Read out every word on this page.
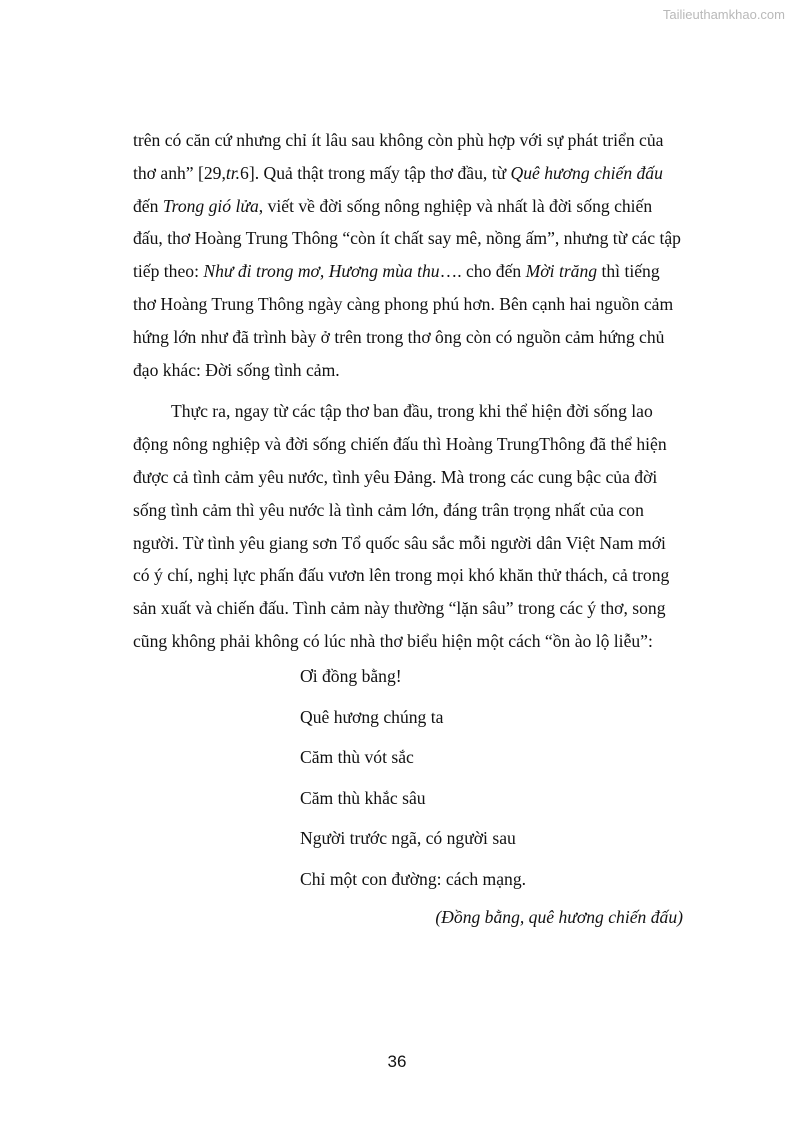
Tailieuthamkhao.com

trên có căn cứ nhưng chỉ ít lâu sau không còn phù hợp với sự phát triển của
thơ anh” [29,tr.6]. Quả thật trong mấy tập thơ đầu, từ Quê hương chiến đấu
đến Trong gió lửa, viết về đời sống nông nghiệp và nhất là đời sống chiến
đấu, thơ Hoàng Trung Thông “còn ít chất say mê, nồng ấm”, nhưng từ các tập
tiếp theo: Như đi trong mơ, Hương mùa thu…. cho đến Mời trăng thì tiếng
thơ Hoàng Trung Thông ngày càng phong phú hơn. Bên cạnh hai nguồn cảm
hứng lớn như đã trình bày ở trên trong thơ ông còn có nguồn cảm hứng chủ
đạo khác: Đời sống tình cảm.

Thực ra, ngay từ các tập thơ ban đầu, trong khi thể hiện đời sống lao
động nông nghiệp và đời sống chiến đấu thì Hoàng TrungThông đã thể hiện
được cả tình cảm yêu nước, tình yêu Đảng. Mà trong các cung bậc của đời
sống tình cảm thì yêu nước là tình cảm lớn, đáng trân trọng nhất của con
người. Từ tình yêu giang sơn Tổ quốc sâu sắc mỗi người dân Việt Nam mới
có ý chí, nghị lực phấn đấu vươn lên trong mọi khó khăn thử thách, cả trong
sản xuất và chiến đấu. Tình cảm này thường “lặn sâu” trong các ý thơ, song
cũng không phải không có lúc nhà thơ biểu hiện một cách “ồn ào lộ liễu”:

Ơi đồng bằng!
Quê hương chúng ta
Căm thù vót sắc
Căm thù khắc sâu
Người trước ngã, có người sau
Chỉ một con đường: cách mạng.
(Đồng bằng, quê hương chiến đấu)
36
